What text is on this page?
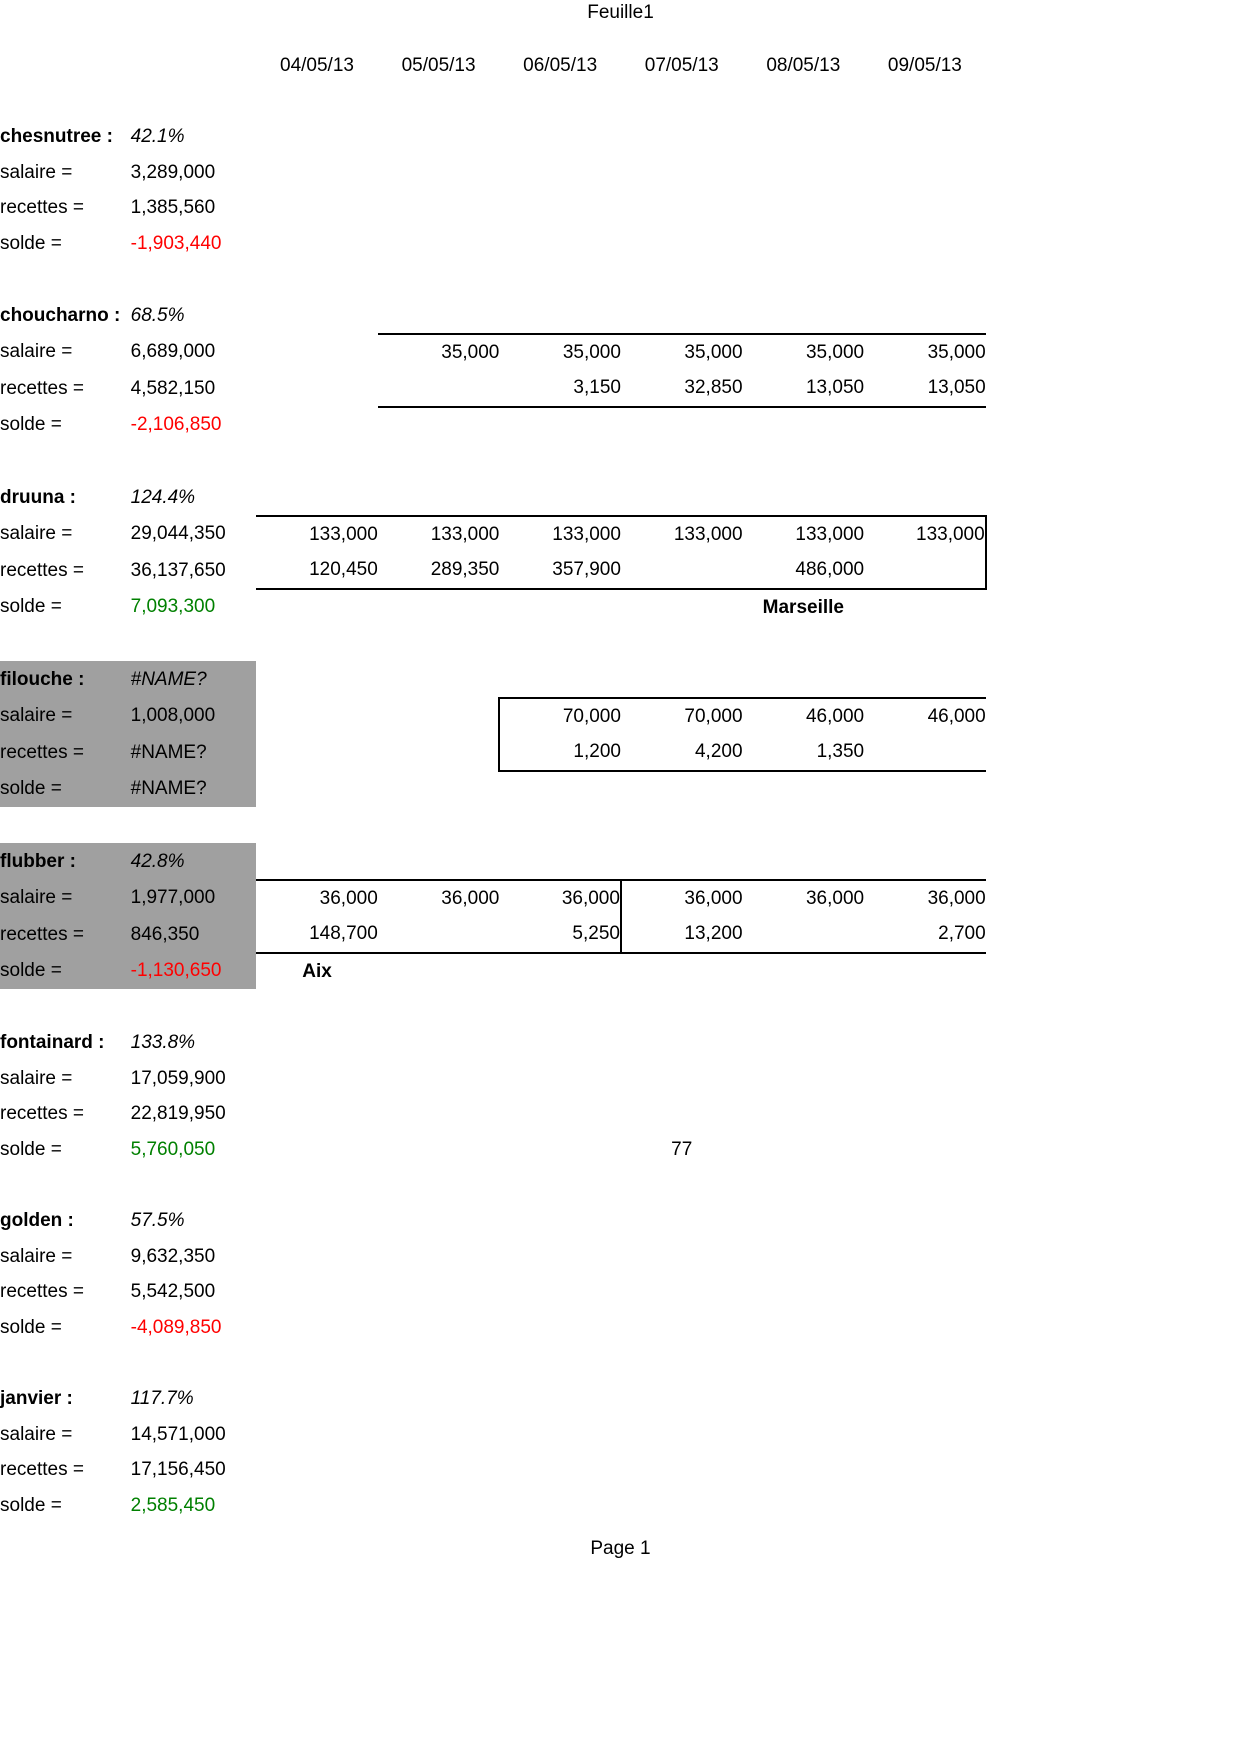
Feuille1
		04/05/13	05/05/13	06/05/13	07/05/13	08/05/13	09/05/13	

chesnutree :	42.1%							
salaire =	3,289,000							
recettes =	1,385,560							
solde =	-1,903,440							

choucharno :	68.5%							
salaire =	6,689,000		35,000	35,000	35,000	35,000	35,000	
recettes =	4,582,150			3,150	32,850	13,050	13,050	
solde =	-2,106,850							

druuna :	124.4%							
salaire =	29,044,350	133,000	133,000	133,000	133,000	133,000	133,000	
recettes =	36,137,650	120,450	289,350	357,900		486,000		
solde =	7,093,300					Marseille		

filouche :	#NAME?							
salaire =	1,008,000			70,000	70,000	46,000	46,000	
recettes =	#NAME?			1,200	4,200	1,350		
solde =	#NAME?							

flubber :	42.8%							
salaire =	1,977,000	36,000	36,000	36,000	36,000	36,000	36,000	
recettes =	846,350	148,700		5,250	13,200		2,700	
solde =	-1,130,650	Aix						

fontainard :	133.8%							
salaire =	17,059,900							
recettes =	22,819,950							
solde =	5,760,050				77			

golden :	57.5%							
salaire =	9,632,350							
recettes =	5,542,500							
solde =	-4,089,850							

janvier :	117.7%							
salaire =	14,571,000							
recettes =	17,156,450							
solde =	2,585,450							
Page 1
